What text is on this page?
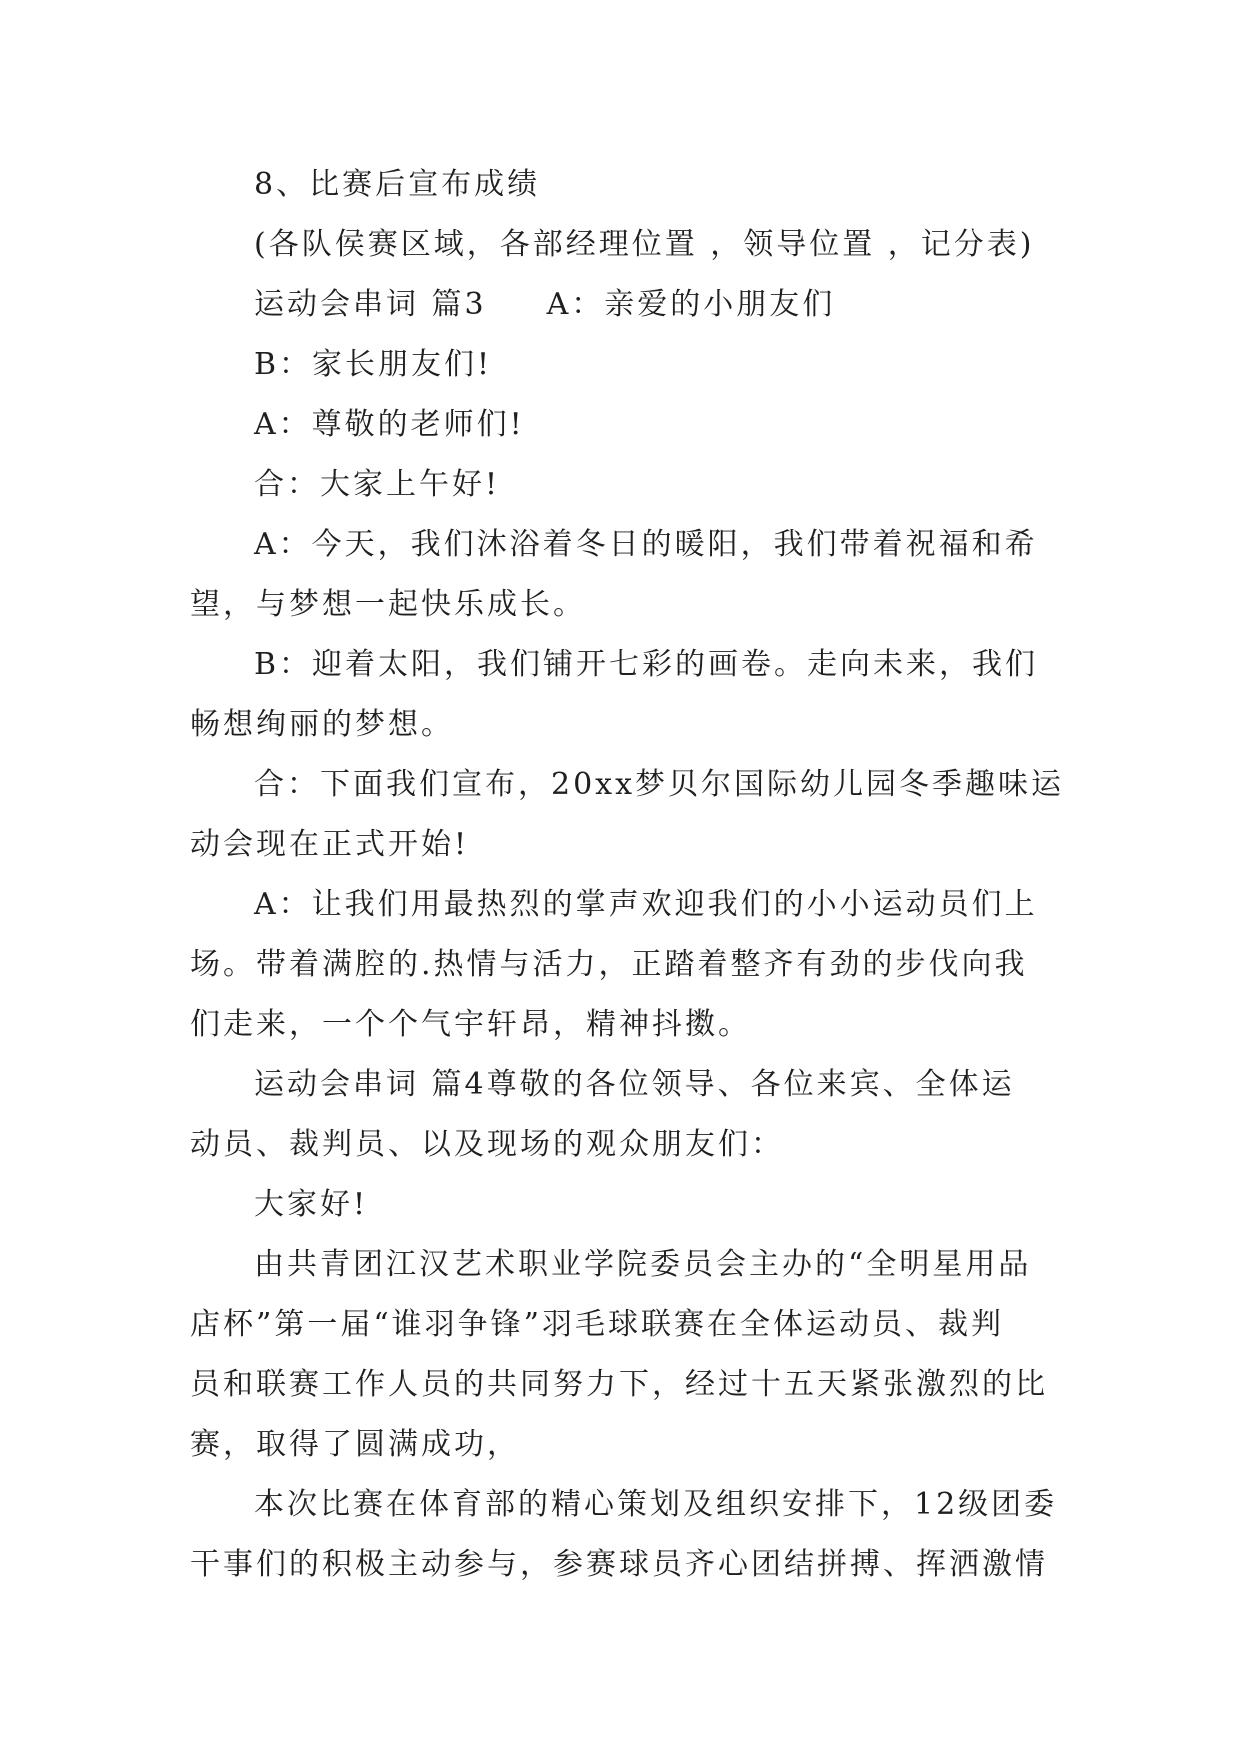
8、比赛后宣布成绩
(各队侯赛区域，各部经理位置 ，领导位置 ，记分表)
运动会串词 篇3 A：亲爱的小朋友们
B：家长朋友们!
A：尊敬的老师们!
合：大家上午好!
A：今天，我们沐浴着冬日的暖阳，我们带着祝福和希
望，与梦想一起快乐成长。
B：迎着太阳，我们铺开七彩的画卷。走向未来，我们
畅想绚丽的梦想。
合：下面我们宣布，20xx梦贝尔国际幼儿园冬季趣味运
动会现在正式开始!
A：让我们用最热烈的掌声欢迎我们的小小运动员们上
场。带着满腔的.热情与活力，正踏着整齐有劲的步伐向我
们走来，一个个气宇轩昂，精神抖擞。
运动会串词 篇4尊敬的各位领导、各位来宾、全体运
动员、裁判员、以及现场的观众朋友们：
大家好!
由共青团江汉艺术职业学院委员会主办的“全明星用品
店杯”第一届“谁羽争锋”羽毛球联赛在全体运动员、裁判
员和联赛工作人员的共同努力下，经过十五天紧张激烈的比
赛，取得了圆满成功，
本次比赛在体育部的精心策划及组织安排下，12级团委
干事们的积极主动参与，参赛球员齐心团结拼搏、挥洒激情
